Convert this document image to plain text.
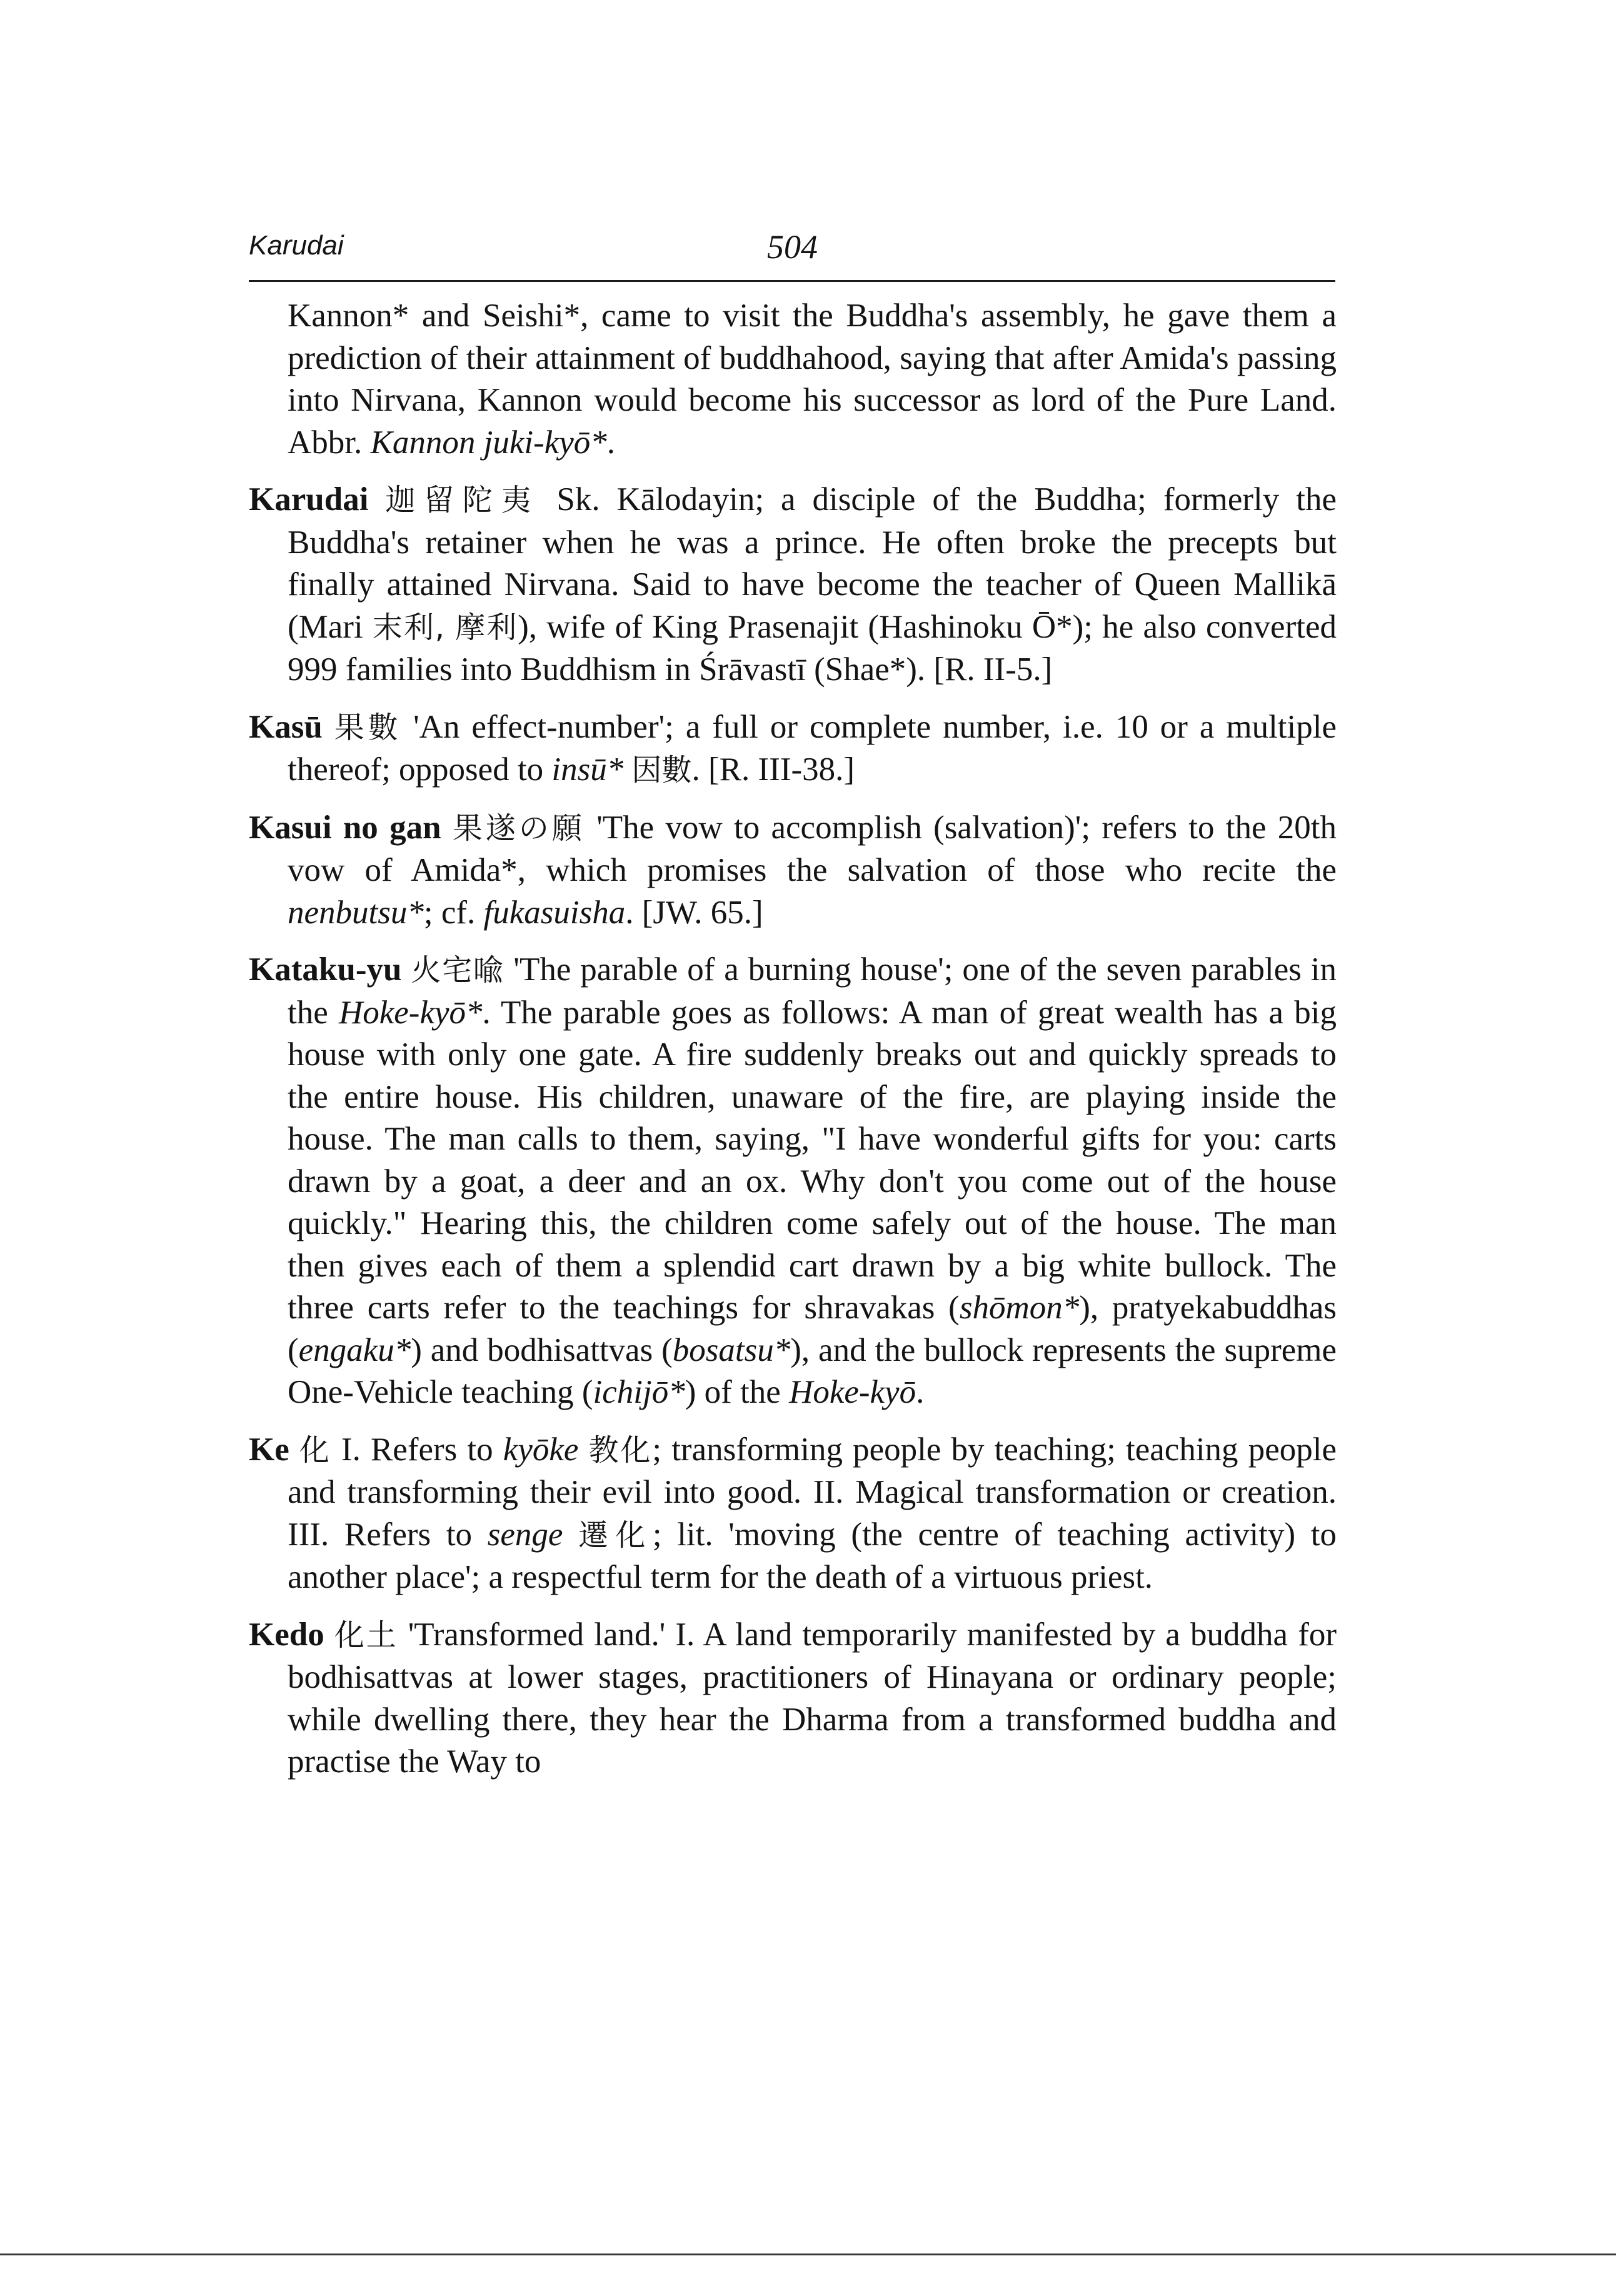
Karudai	504

Kannon* and Seishi*, came to visit the Buddha's assembly, he gave them a prediction of their attainment of buddhahood, saying that after Amida's passing into Nirvana, Kannon would become his successor as lord of the Pure Land. Abbr. Kannon juki-kyō*.

Karudai 迦留陀夷 Sk. Kālodayin; a disciple of the Buddha; formerly the Buddha's retainer when he was a prince. He often broke the precepts but finally attained Nirvana. Said to have become the teacher of Queen Mallikā (Mari 末利, 摩利), wife of King Prasenajit (Hashinoku Ō*); he also converted 999 families into Buddhism in Śrāvastī (Shae*). [R. II-5.]

Kasū 果數 'An effect-number'; a full or complete number, i.e. 10 or a multiple thereof; opposed to insū* 因數. [R. III-38.]

Kasui no gan 果遂の願 'The vow to accomplish (salvation)'; refers to the 20th vow of Amida*, which promises the salvation of those who recite the nenbutsu*; cf. fukasuisha. [JW. 65.]

Kataku-yu 火宅喩 'The parable of a burning house'; one of the seven parables in the Hoke-kyō*. The parable goes as follows: A man of great wealth has a big house with only one gate. A fire suddenly breaks out and quickly spreads to the entire house. His children, unaware of the fire, are playing inside the house. The man calls to them, saying, "I have wonderful gifts for you: carts drawn by a goat, a deer and an ox. Why don't you come out of the house quickly." Hearing this, the children come safely out of the house. The man then gives each of them a splendid cart drawn by a big white bullock. The three carts refer to the teachings for shravakas (shōmon*), pratyekabuddhas (engaku*) and bodhisattvas (bosatsu*), and the bullock represents the supreme One-Vehicle teaching (ichijō*) of the Hoke-kyō.

Ke 化 I. Refers to kyōke 教化; transforming people by teaching; teaching people and transforming their evil into good. II. Magical transformation or creation. III. Refers to senge 遷化; lit. 'moving (the centre of teaching activity) to another place'; a respectful term for the death of a virtuous priest.

Kedo 化土 'Transformed land.' I. A land temporarily manifested by a buddha for bodhisattvas at lower stages, practitioners of Hinayana or ordinary people; while dwelling there, they hear the Dharma from a transformed buddha and practise the Way to
